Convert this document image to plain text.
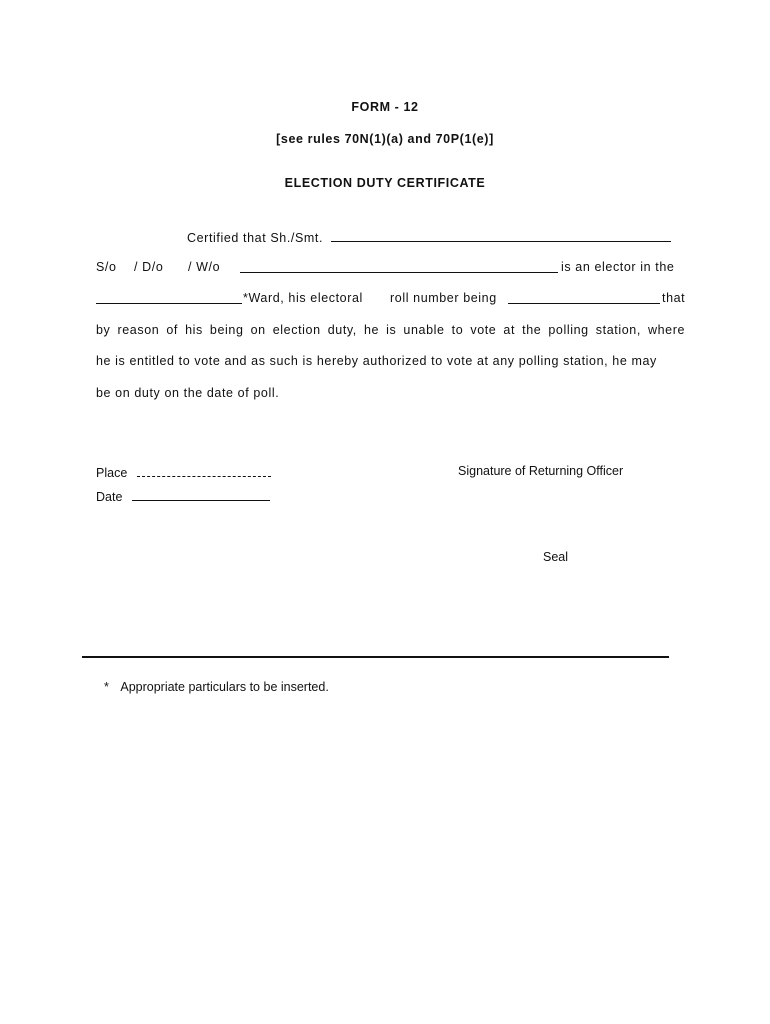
FORM - 12
[see rules 70N(1)(a) and 70P(1(e)]
ELECTION DUTY CERTIFICATE
Certified that Sh./Smt.
S/o / D/o / W/o	is an elector in the
*Ward, his electoral roll number being	that
by reason of his being on election duty, he is unable to vote at the polling station, where
he is entitled to vote and as such is hereby authorized to vote at any polling station, he may
be on duty on the date of poll.
Place
Date
Signature of Returning Officer
Seal
* Appropriate particulars to be inserted.
